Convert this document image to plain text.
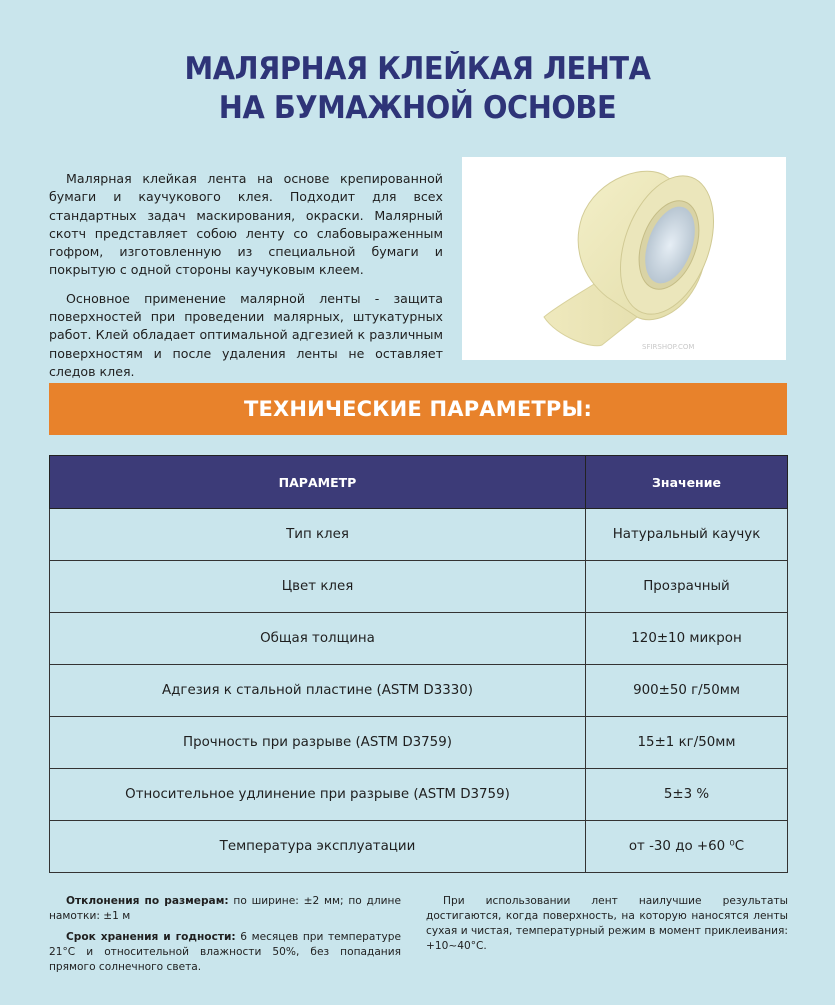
МАЛЯРНАЯ КЛЕЙКАЯ ЛЕНТА
НА БУМАЖНОЙ ОСНОВЕ

Малярная клейкая лента на основе крепированной бумаги и каучукового клея. Подходит для всех стандартных задач маскирования, окраски. Малярный скотч представляет собою ленту со слабовыраженным гофром, изготовленную из специальной бумаги и покрытую с одной стороны каучуковым клеем.

Основное применение малярной ленты - защита поверхностей при проведении малярных, штукатурных работ. Клей обладает оптимальной адгезией к различным поверхностям и после удаления ленты не оставляет следов клея.

SFIRSHOP.COM
ТЕХНИЧЕСКИЕ ПАРАМЕТРЫ:
ПАРАМЕТР	Значение
Тип клея	Натуральный каучук
Цвет клея	Прозрачный
Общая толщина	120±10 микрон
Адгезия к стальной пластине (ASTM D3330)	900±50 г/50мм
Прочность при разрыве (ASTM D3759)	15±1 кг/50мм
Относительное удлинение при разрыве (ASTM D3759)	5±3 %
Температура эксплуатации	от -30 до +60 ⁰С

Отклонения по размерам: по ширине: ±2 мм; по длине намотки: ±1 м

Срок хранения и годности: 6 месяцев при температуре 21°С и относительной влажности 50%, без попадания прямого солнечного света.

При использовании лент наилучшие результаты достигаются, когда поверхность, на которую наносятся ленты сухая и чистая, температурный режим в момент приклеивания: +10~40°С.
